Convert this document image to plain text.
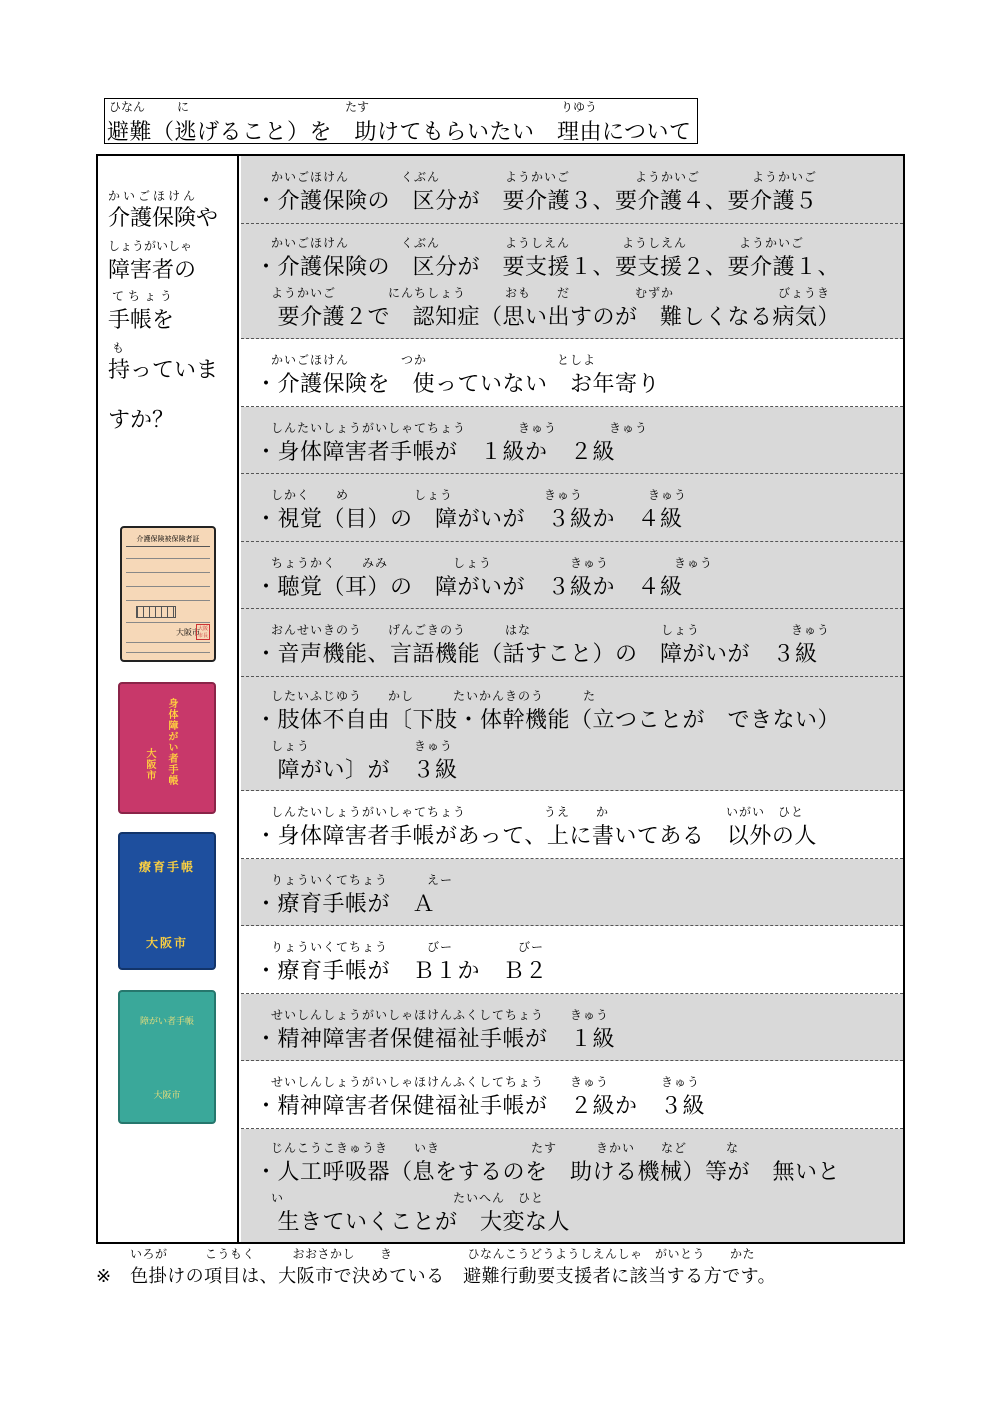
ひなん	に	たす	りゆう
避難（逃げること）を　助けてもらいたい　理由について
かいごほけん
介護保険や
しょうがいしゃ
障害者の
てちょう
手帳を
も
持っていま
すか？
介護保険被保険者証
大阪市
大阪市長
身体障がい者手帳
大阪市
療育手帳
大阪市
障がい者手帳
大阪市
かいごほけん　　　　くぶん　　　　　ようかいご　　　　　ようかいご　　　　ようかいご
・介護保険の　区分が　要介護３、要介護４、要介護５
かいごほけん　　　　くぶん　　　　　ようしえん　　　　ようしえん　　　　ようかいご
・介護保険の　区分が　要支援１、要支援２、要介護１、
ようかいご　　　　にんちしょう　　　おも　　だ　　　　　むずか　　　　　　　　びょうき
　要介護２で　認知症（思い出すのが　難しくなる病気）
かいごほけん　　　　つか　　　　　　　　　　としよ
・介護保険を　使っていない　お年寄り
しんたいしょうがいしゃてちょう　　　　きゅう　　　　きゅう
・身体障害者手帳が　１級か　２級
しかく　　め　　　　　しょう　　　　　　　きゅう　　　　　きゅう
・視覚（目）の　障がいが　３級か　４級
ちょうかく　　みみ　　　　　しょう　　　　　　きゅう　　　　　きゅう
・聴覚（耳）の　障がいが　３級か　４級
おんせいきのう　　げんごきのう　　　はな　　　　　　　　　　しょう　　　　　　　きゅう
・音声機能、言語機能（話すこと）の　障がいが　３級
したいふじゆう　　かし　　　たいかんきのう　　　た
・肢体不自由〔下肢・体幹機能（立つことが　できない）
しょう　　　　　　　　きゅう
　障がい〕が　３級
しんたいしょうがいしゃてちょう　　　　　　うえ　　か　　　　　　　　　いがい　ひと
・身体障害者手帳があって、上に書いてある　以外の人
りょういくてちょう　　　えー
・療育手帳が　Ａ
りょういくてちょう　　　びー　　　　　びー
・療育手帳が　Ｂ１か　Ｂ２
せいしんしょうがいしゃほけんふくしてちょう　　きゅう
・精神障害者保健福祉手帳が　１級
せいしんしょうがいしゃほけんふくしてちょう　　きゅう　　　　きゅう
・精神障害者保健福祉手帳が　２級か　３級
じんこうこきゅうき　　いき　　　　　　　たす　　　きかい　　など　　　な
・人工呼吸器（息をするのを　助ける機械）等が　無いと
い　　　　　　　　　　　　　たいへん　ひと
　生きていくことが　大変な人
いろが　　　こうもく　　　おおさかし　　き　　　　　　ひなんこうどうようしえんしゃ　がいとう　　かた
※　色掛けの項目は、大阪市で決めている　避難行動要支援者に該当する方です。
